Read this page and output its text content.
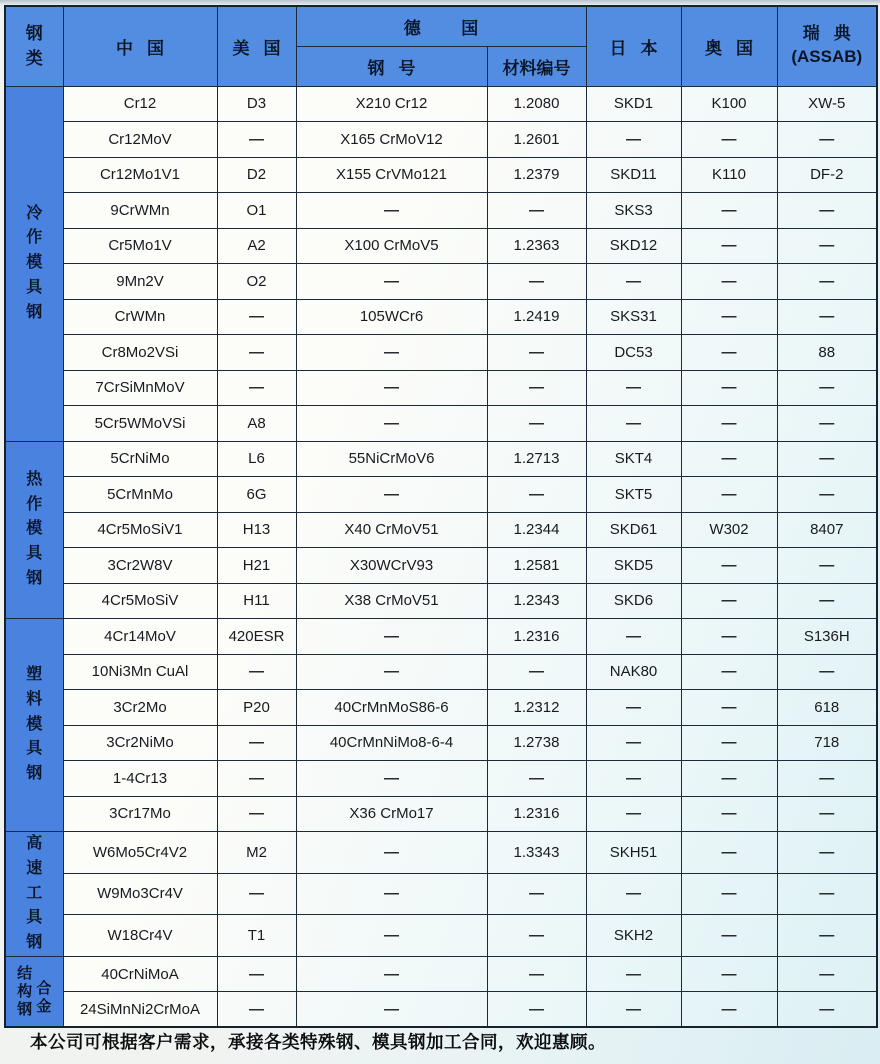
钢类	中 国	美 国	德 国		日 本	奥 国	瑞 典
(ASSAB)

			钢 号	材料编号			
冷作模具钢	Cr12	D3	X210 Cr12	1.2080	SKD1	K100	XW-5
	Cr12MoV	—	X165 CrMoV12	1.2601	—	—	—
	Cr12Mo1V1	D2	X155 CrVMo121	1.2379	SKD11	K110	DF-2
	9CrWMn	O1	—	—	SKS3	—	—
	Cr5Mo1V	A2	X100 CrMoV5	1.2363	SKD12	—	—
	9Mn2V	O2	—	—	—	—	—
	CrWMn	—	105WCr6	1.2419	SKS31	—	—
	Cr8Mo2VSi	—	—	—	DC53	—	88
	7CrSiMnMoV	—	—	—	—	—	—
	5Cr5WMoVSi	A8	—	—	—	—	—
热作模具钢	5CrNiMo	L6	55NiCrMoV6	1.2713	SKT4	—	—
	5CrMnMo	6G	—	—	SKT5	—	—
	4Cr5MoSiV1	H13	X40 CrMoV51	1.2344	SKD61	W302	8407
	3Cr2W8V	H21	X30WCrV93	1.2581	SKD5	—	—
	4Cr5MoSiV	H11	X38 CrMoV51	1.2343	SKD6	—	—
塑料模具钢	4Cr14MoV	420ESR	—	1.2316	—	—	S136H
	10Ni3Mn CuAl	—	—	—	NAK80	—	—
	3Cr2Mo	P20	40CrMnMoS86-6	1.2312	—	—	618
	3Cr2NiMo	—	40CrMnNiMo8-6-4	1.2738	—	—	718
	1-4Cr13	—	—	—	—	—	—
	3Cr17Mo	—	X36 CrMo17	1.2316	—	—	—
高速工具钢	W6Mo5Cr4V2	M2	—	1.3343	SKH51	—	—
	W9Mo3Cr4V	—	—	—	—	—	—
	W18Cr4V	T1	—	—	SKH2	—	—
结构钢合金	40CrNiMoA	—	—	—	—	—	—
	24SiMnNi2CrMoA	—	—	—	—	—	—
本公司可根据客户需求，承接各类特殊钢、模具钢加工合同，欢迎惠顾。
